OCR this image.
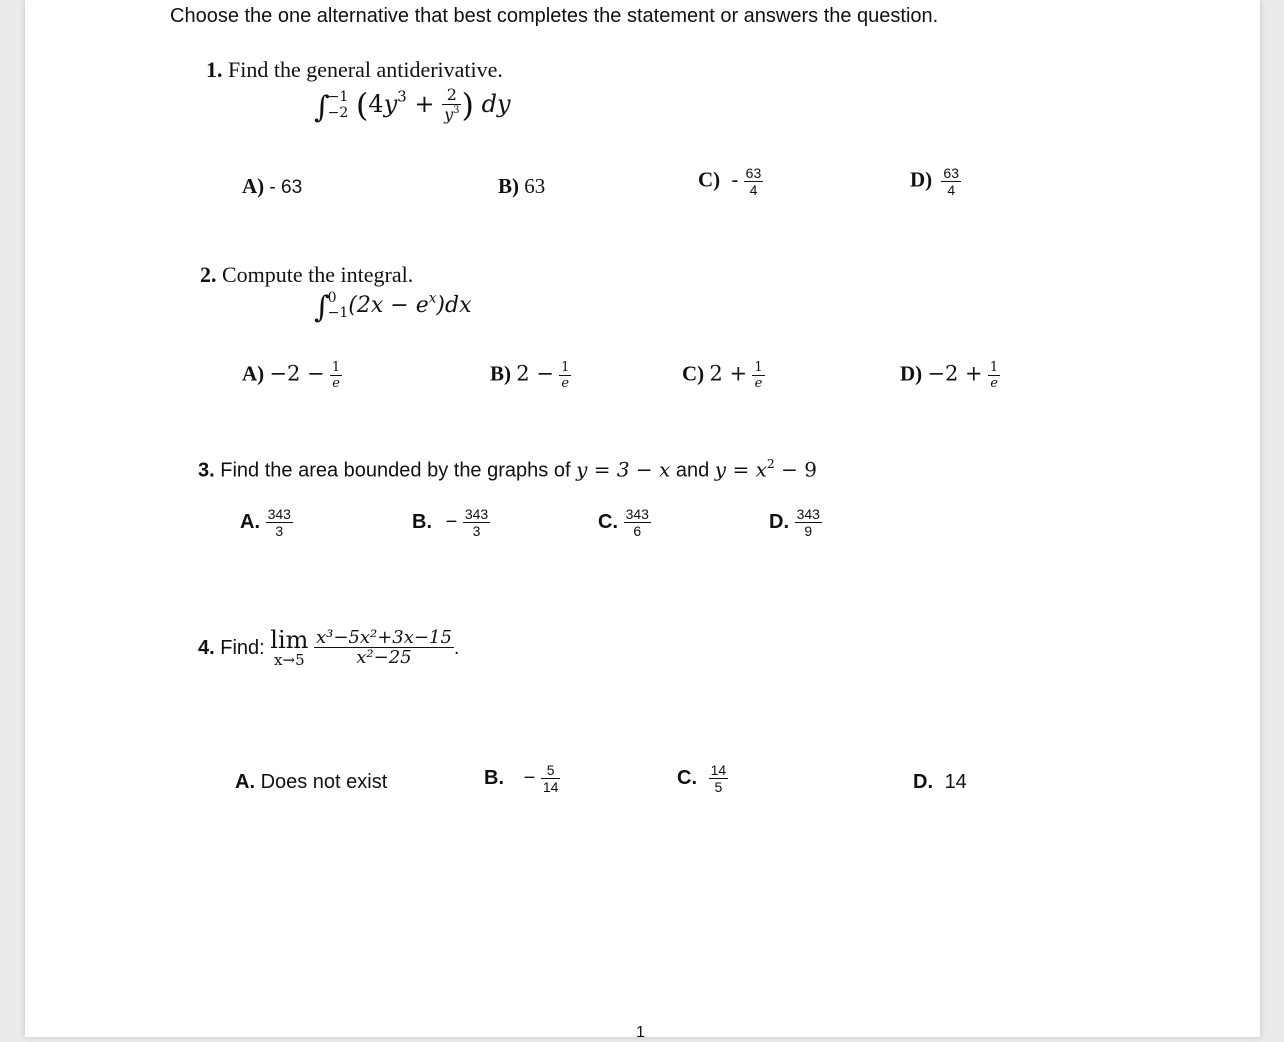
Choose the one alternative that best completes the statement or answers the question.
1. Find the general antiderivative.
∫
−1
−2 ($4y^3 + \frac{2}{y^3}$ ) dy
A) - 63	B) 63	$C) - \frac{63}{4}$	$D) \frac{63}{4}$
2. Compute the integral.
∫
0
−1 $(2x - e^x)dx$
$A) -2 - \frac{1}{e}$	B) $2 - \frac{1}{e}$	C) $2 + \frac{1}{e}$	$D) -2 + \frac{1}{e}$
3. Find the area bounded by the graphs of y = 3 − x and $y = x^2 - 9$
A. $\frac{343}{3}$	B. − $\frac{343}{3}$	C. $\frac{343}{6}$	D. $\frac{343}{9}$
4. Find: lim
x→5
$\frac{\text{x³−5x²+3x−15}}{\text{x²−25}}$ .
A. Does not exist	B. − $\frac{5}{14}$	C. $\frac{14}{5}$	D. 14
1
